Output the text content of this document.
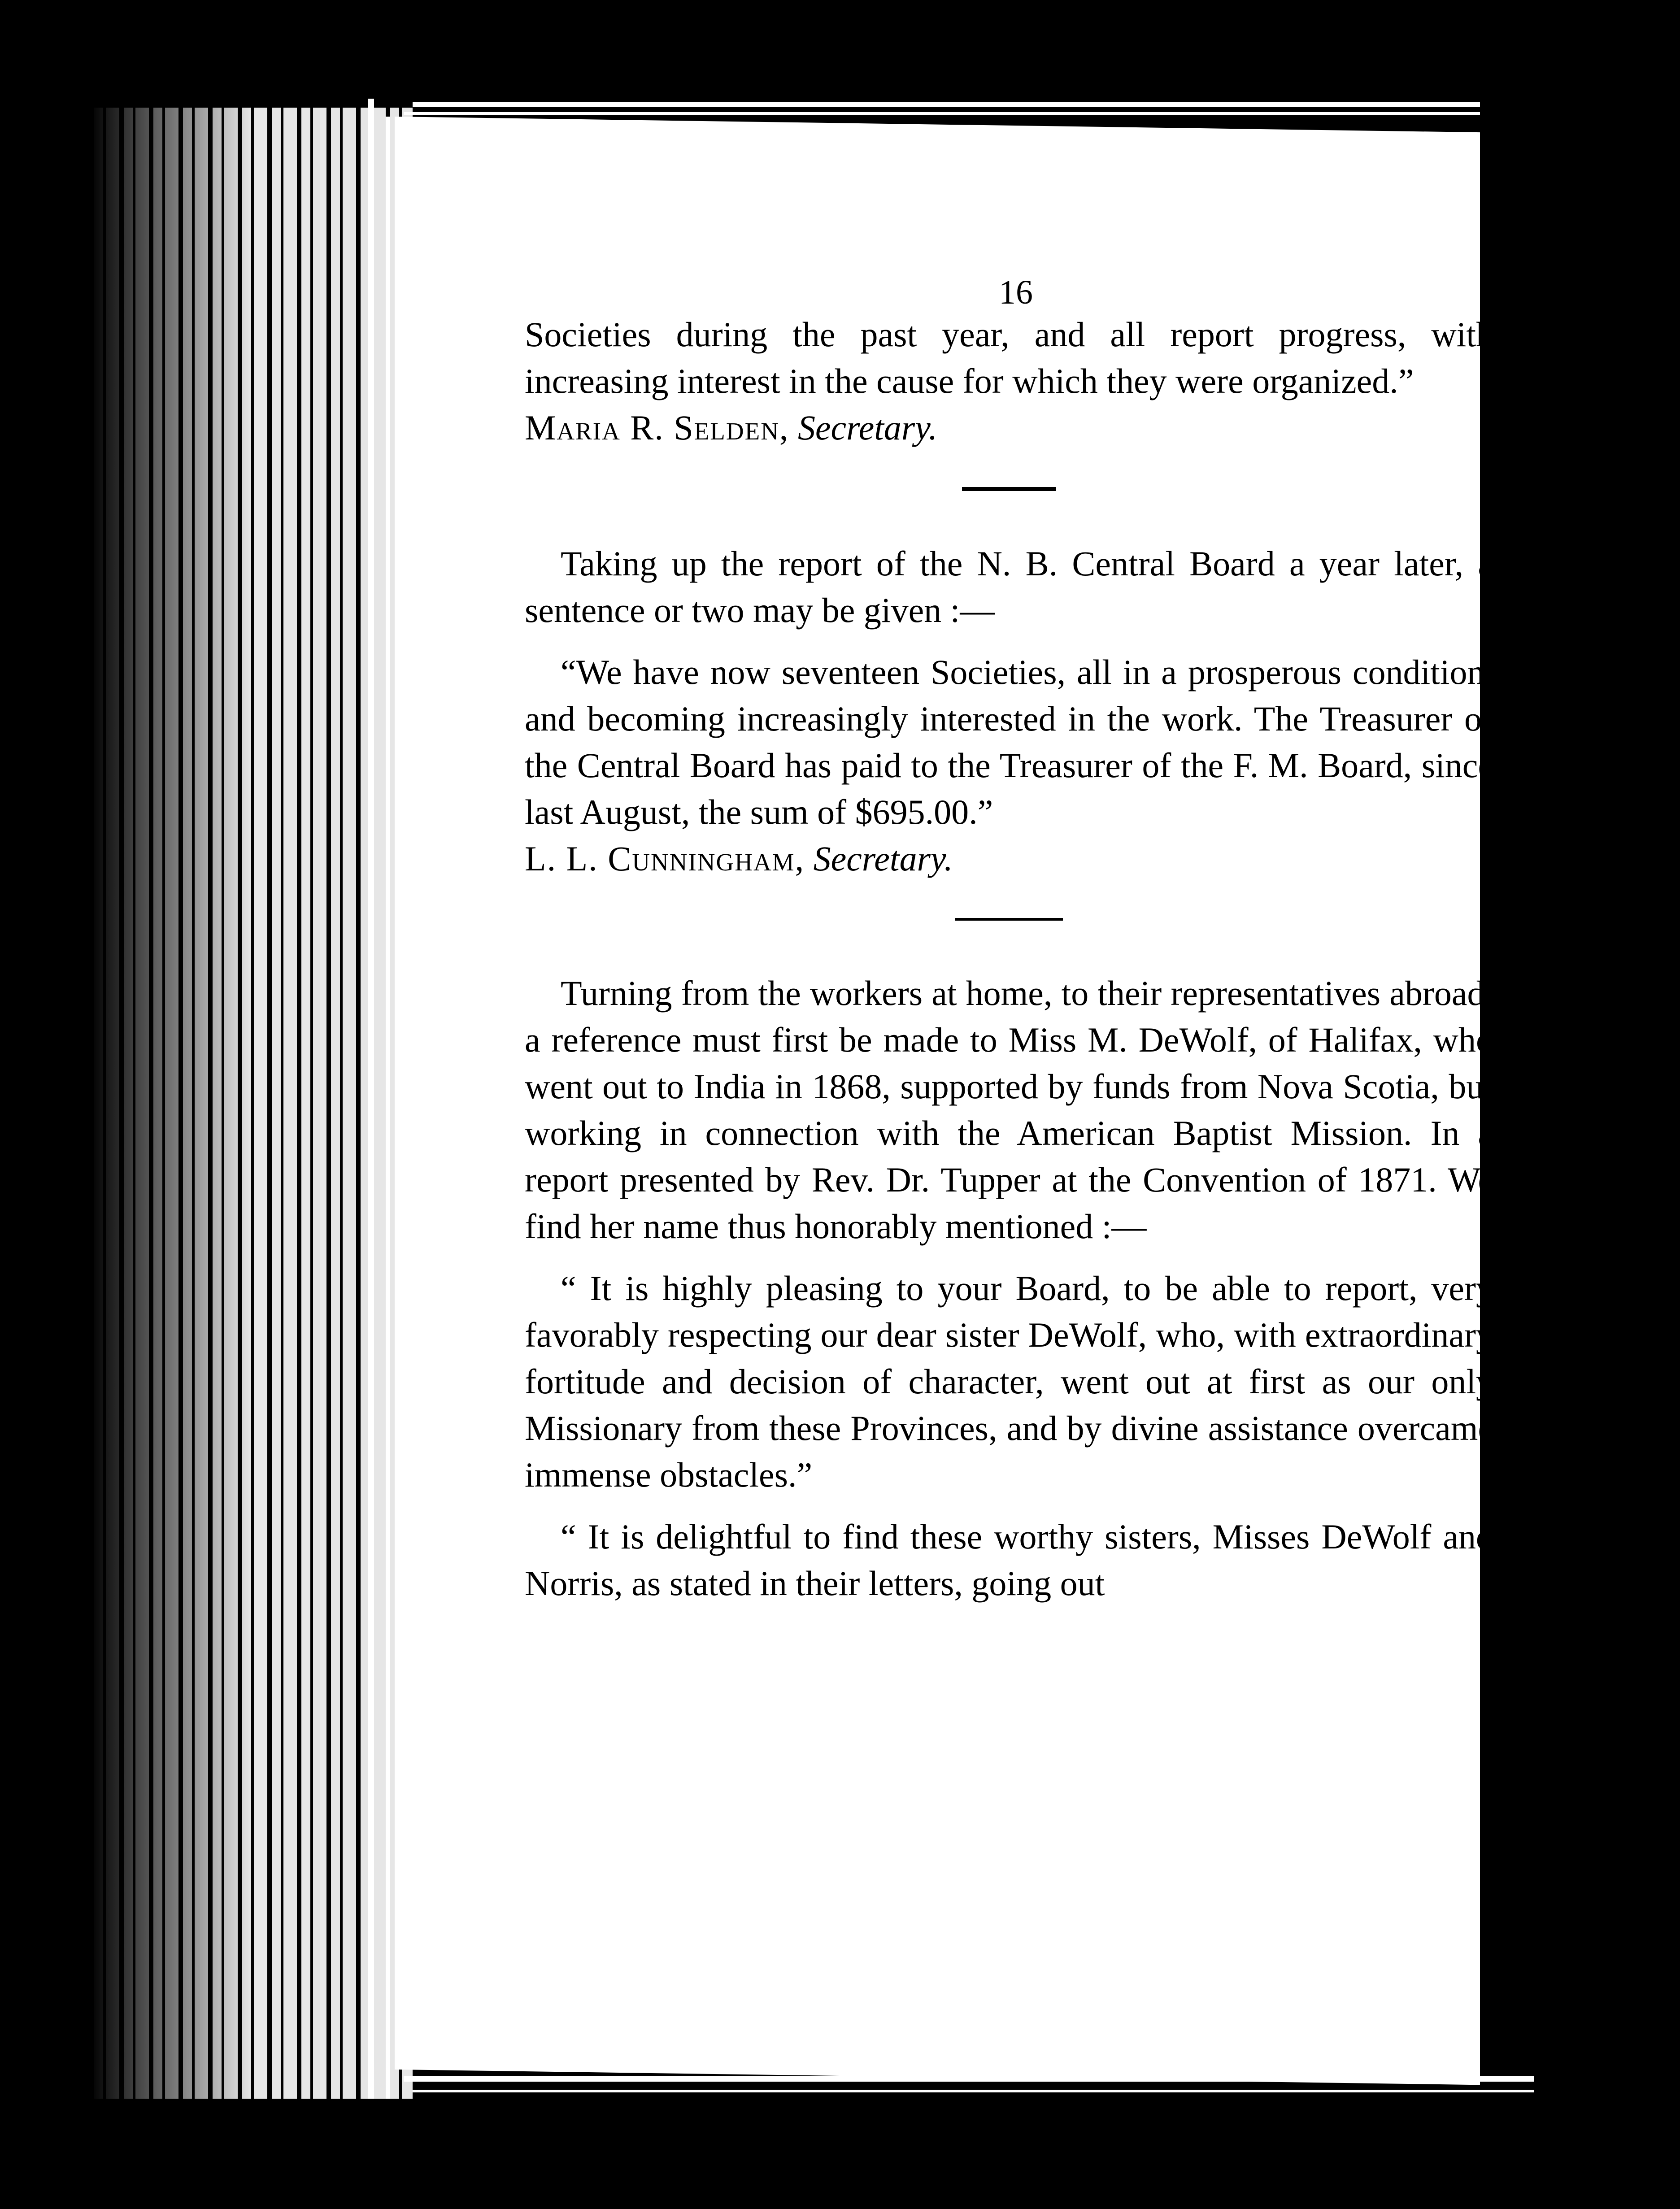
16

Societies during the past year, and all report progress, with increasing interest in the cause for which they were organized.”

Maria R. Selden, Secretary.

Taking up the report of the N. B. Central Board a year later, a sentence or two may be given :—

“We have now seventeen Societies, all in a prosperous condition, and becoming increasingly interested in the work. The Treasurer of the Central Board has paid to the Treasurer of the F. M. Board, since last August, the sum of $695.00.”

L. L. Cunningham, Secretary.

Turning from the workers at home, to their representatives abroad, a reference must first be made to Miss M. DeWolf, of Halifax, who went out to India in 1868, supported by funds from Nova Scotia, but working in connection with the American Baptist Mission. In a report presented by Rev. Dr. Tupper at the Convention of 1871. We find her name thus honorably mentioned :—

“ It is highly pleasing to your Board, to be able to report, very favorably respecting our dear sister DeWolf, who, with extraordinary fortitude and decision of character, went out at first as our only Missionary from these Provinces, and by divine assistance overcame immense obstacles.”

“ It is delightful to find these worthy sisters, Misses DeWolf and Norris, as stated in their letters, going out
